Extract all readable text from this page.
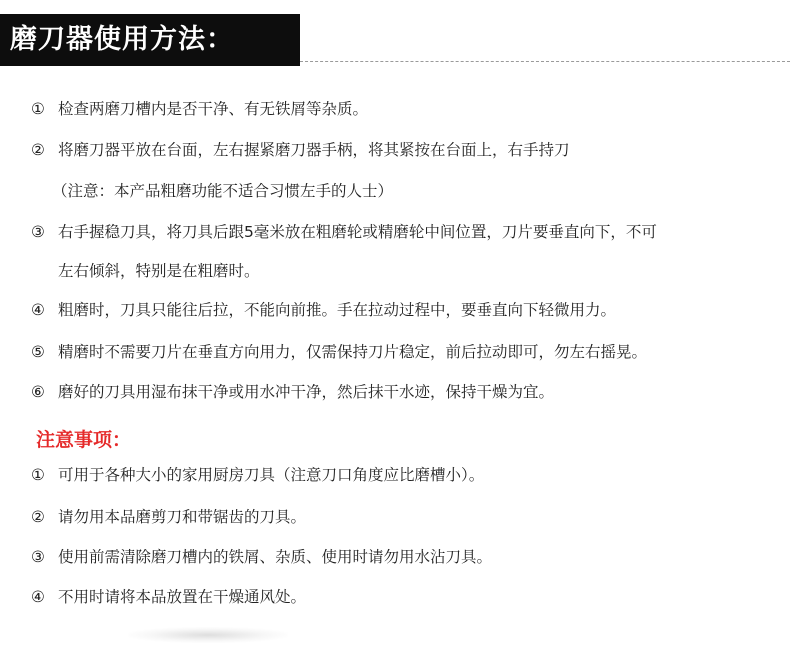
磨刀器使用方法：
① 检查两磨刀槽内是否干净、有无铁屑等杂质。
② 将磨刀器平放在台面，左右握紧磨刀器手柄，将其紧按在台面上，右手持刀
（注意：本产品粗磨功能不适合习惯左手的人士）
③ 右手握稳刀具，将刀具后跟5毫米放在粗磨轮或精磨轮中间位置，刀片要垂直向下，不可
左右倾斜，特别是在粗磨时。
④ 粗磨时，刀具只能往后拉，不能向前推。手在拉动过程中，要垂直向下轻微用力。
⑤ 精磨时不需要刀片在垂直方向用力，仅需保持刀片稳定，前后拉动即可，勿左右摇晃。
⑥ 磨好的刀具用湿布抹干净或用水冲干净，然后抹干水迹，保持干燥为宜。
注意事项：
① 可用于各种大小的家用厨房刀具（注意刀口角度应比磨槽小）。
② 请勿用本品磨剪刀和带锯齿的刀具。
③ 使用前需清除磨刀槽内的铁屑、杂质、使用时请勿用水沾刀具。
④ 不用时请将本品放置在干燥通风处。
